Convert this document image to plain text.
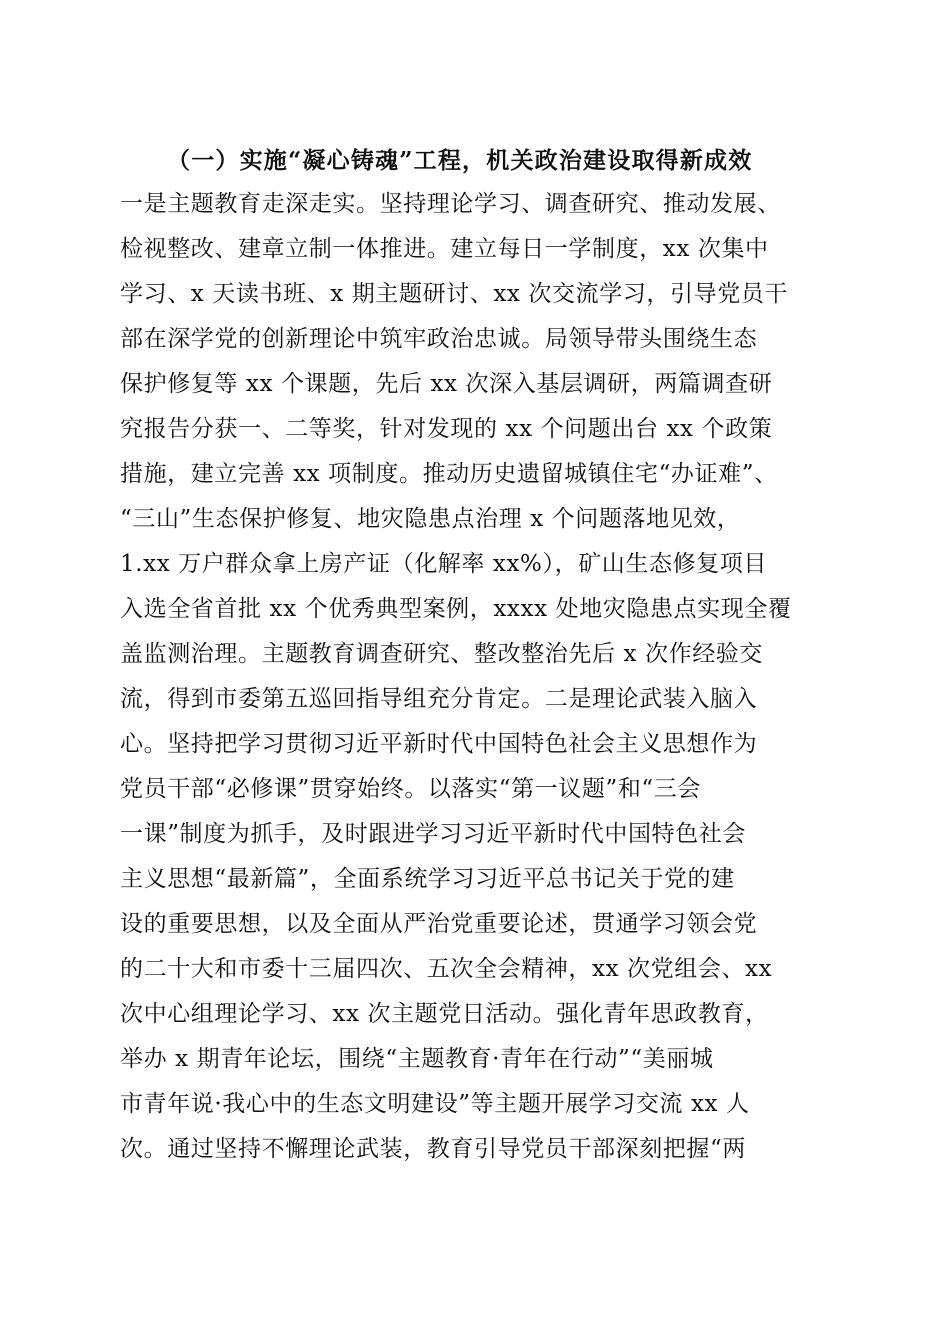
（一）实施“凝心铸魂”工程，机关政治建设取得新成效
一是主题教育走深走实。坚持理论学习、调查研究、推动发展、
检视整改、建章立制一体推进。建立每日一学制度，xx 次集中
学习、x 天读书班、x 期主题研讨、xx 次交流学习，引导党员干
部在深学党的创新理论中筑牢政治忠诚。局领导带头围绕生态
保护修复等 xx 个课题，先后 xx 次深入基层调研，两篇调查研
究报告分获一、二等奖，针对发现的 xx 个问题出台 xx 个政策
措施，建立完善 xx 项制度。推动历史遗留城镇住宅“办证难”、
“三山”生态保护修复、地灾隐患点治理 x 个问题落地见效，
1.xx 万户群众拿上房产证（化解率 xx%），矿山生态修复项目
入选全省首批 xx 个优秀典型案例，xxxx 处地灾隐患点实现全覆
盖监测治理。主题教育调查研究、整改整治先后 x 次作经验交
流，得到市委第五巡回指导组充分肯定。二是理论武装入脑入
心。坚持把学习贯彻习近平新时代中国特色社会主义思想作为
党员干部“必修课”贯穿始终。以落实“第一议题”和“三会
一课”制度为抓手，及时跟进学习习近平新时代中国特色社会
主义思想“最新篇”，全面系统学习习近平总书记关于党的建
设的重要思想，以及全面从严治党重要论述，贯通学习领会党
的二十大和市委十三届四次、五次全会精神，xx 次党组会、xx
次中心组理论学习、xx 次主题党日活动。强化青年思政教育，
举办 x 期青年论坛，围绕“主题教育·青年在行动”“美丽城
市青年说·我心中的生态文明建设”等主题开展学习交流 xx 人
次。通过坚持不懈理论武装，教育引导党员干部深刻把握“两
